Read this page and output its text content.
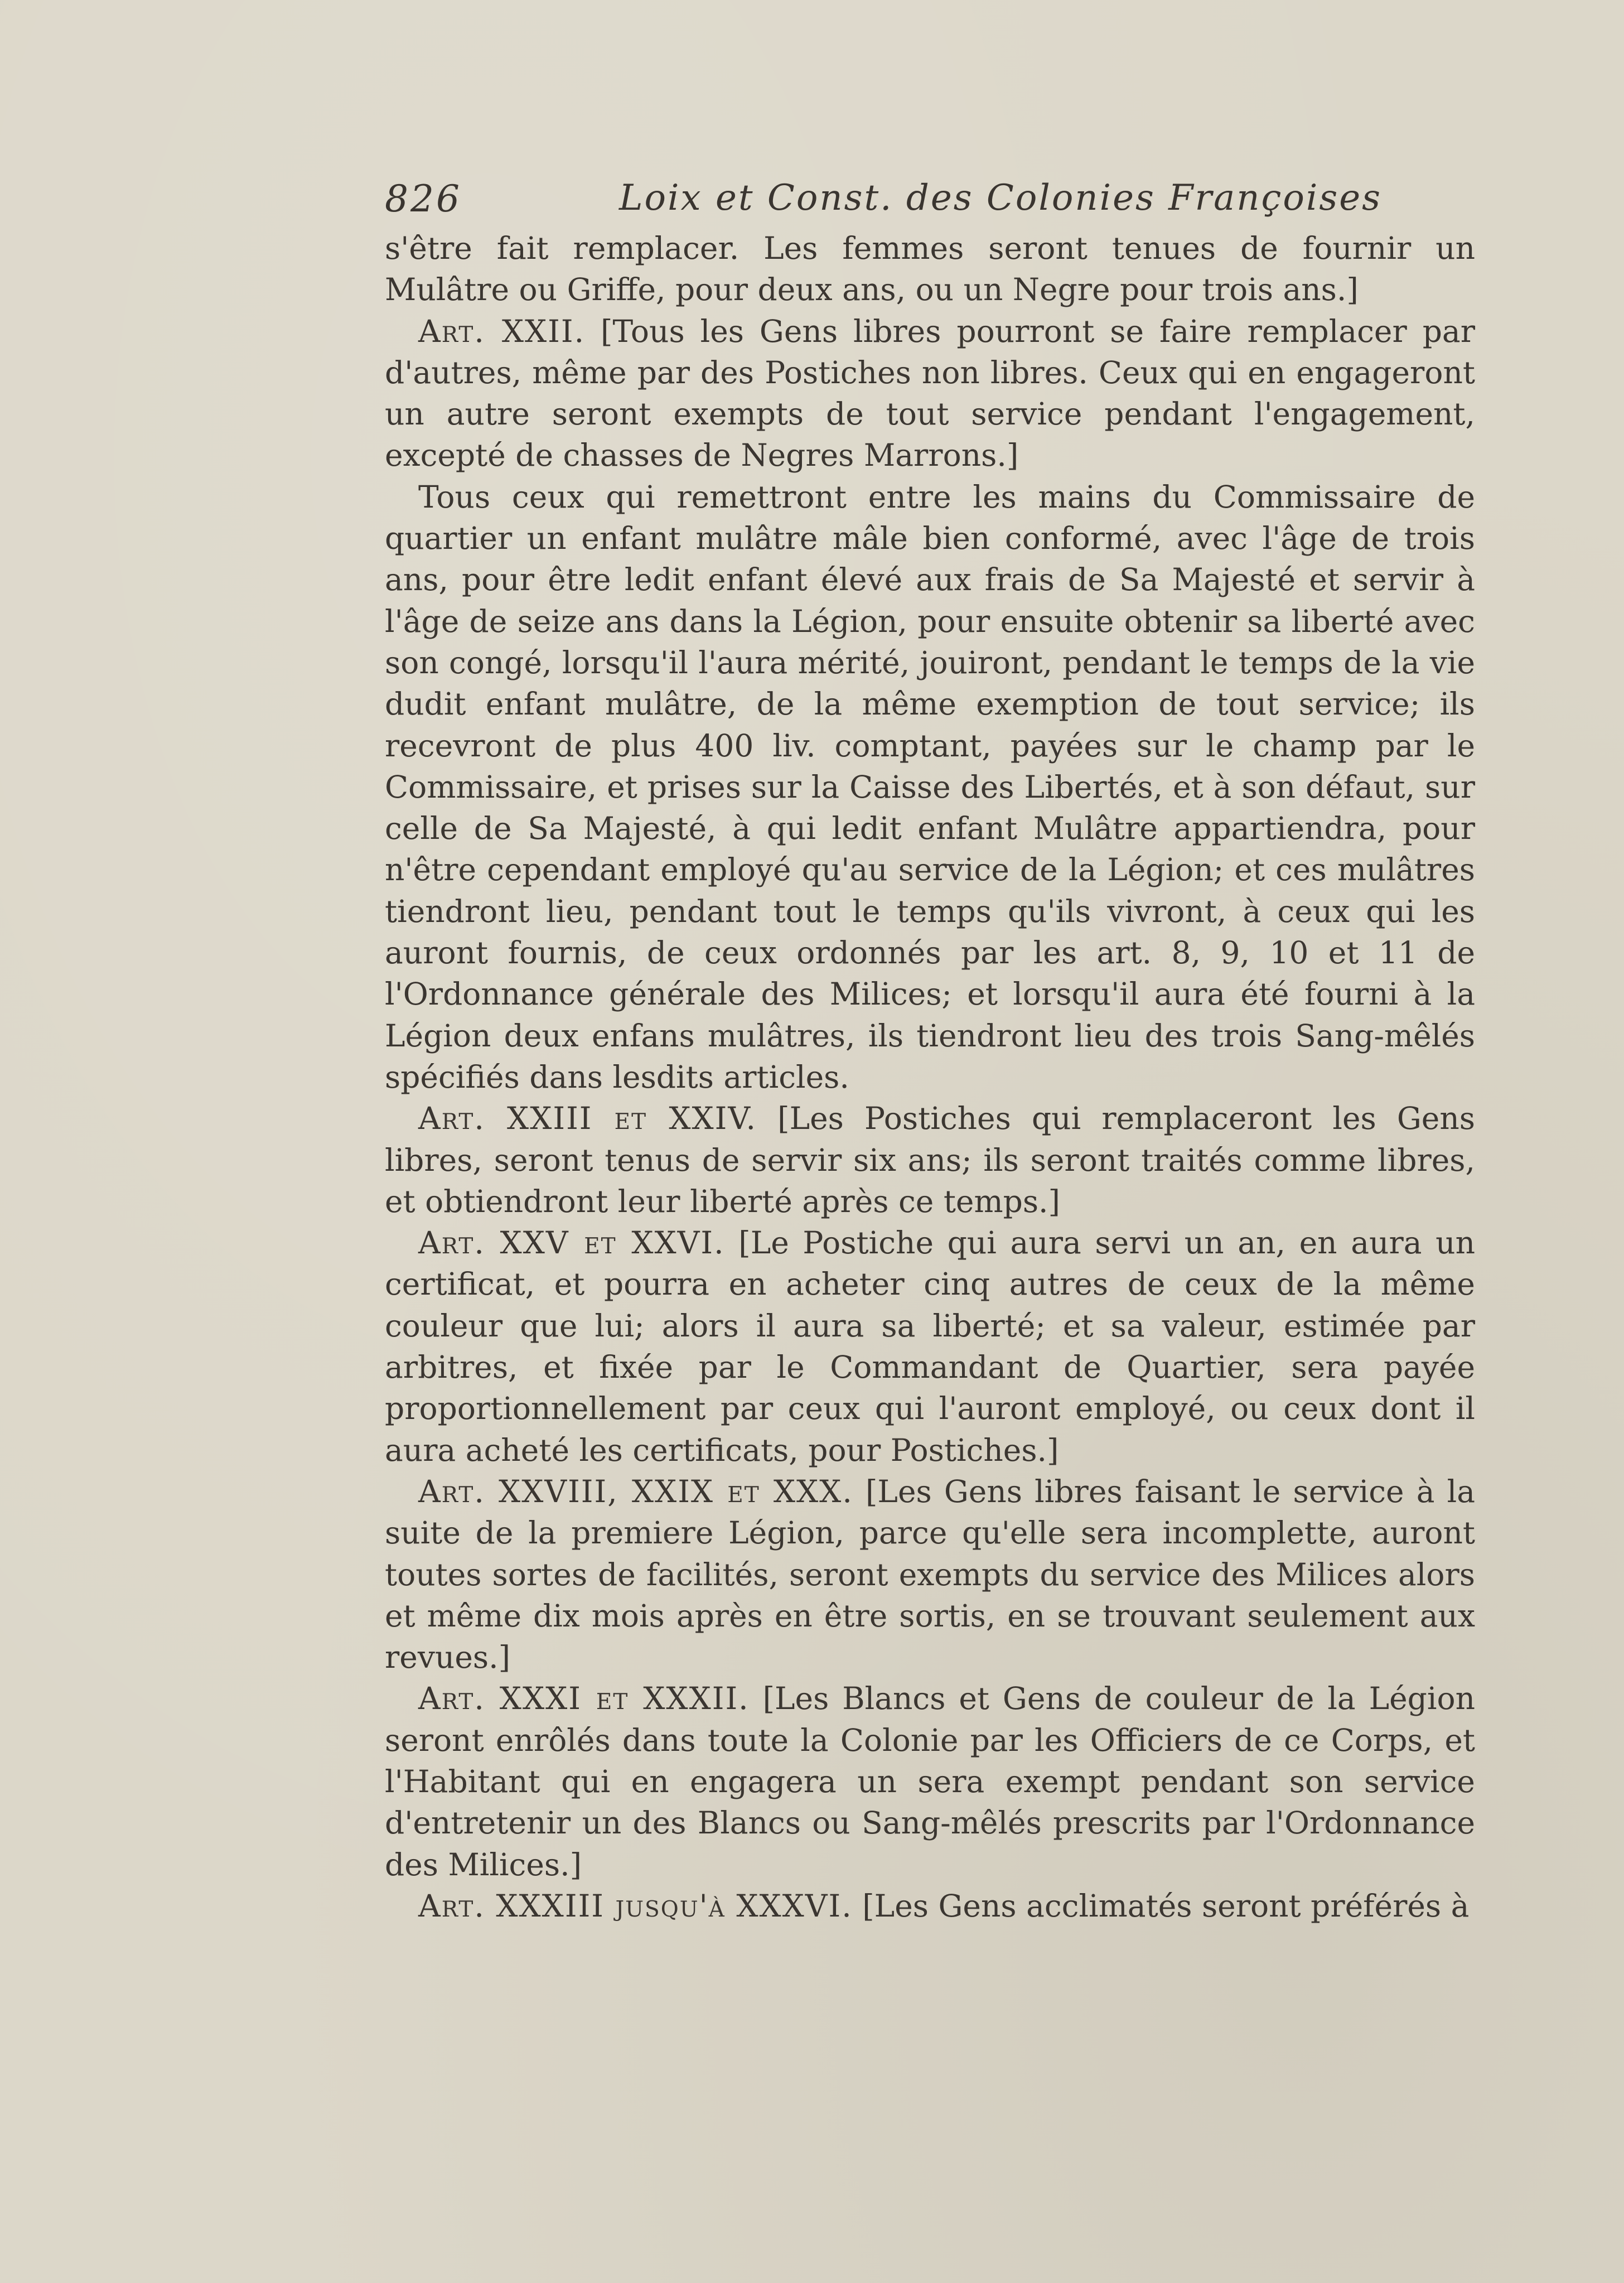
826	Loix et Const. des Colonies Françoises

s'être fait remplacer. Les femmes seront tenues de fournir un Mulâtre ou Griffe, pour deux ans, ou un Negre pour trois ans.]

Art. XXII. [Tous les Gens libres pourront se faire remplacer par d'autres, même par des Postiches non libres. Ceux qui en engageront un autre seront exempts de tout service pendant l'engagement, excepté de chasses de Negres Marrons.]

Tous ceux qui remettront entre les mains du Commissaire de quartier un enfant mulâtre mâle bien conformé, avec l'âge de trois ans, pour être ledit enfant élevé aux frais de Sa Majesté et servir à l'âge de seize ans dans la Légion, pour ensuite obtenir sa liberté avec son congé, lorsqu'il l'aura mérité, jouiront, pendant le temps de la vie dudit enfant mulâtre, de la même exemption de tout service; ils recevront de plus 400 liv. comptant, payées sur le champ par le Commissaire, et prises sur la Caisse des Libertés, et à son défaut, sur celle de Sa Majesté, à qui ledit enfant Mulâtre appartiendra, pour n'être cependant employé qu'au service de la Légion; et ces mulâtres tiendront lieu, pendant tout le temps qu'ils vivront, à ceux qui les auront fournis, de ceux ordonnés par les art. 8, 9, 10 et 11 de l'Ordonnance générale des Milices; et lorsqu'il aura été fourni à la Légion deux enfans mulâtres, ils tiendront lieu des trois Sang-mêlés spécifiés dans lesdits articles.

Art. XXIII et XXIV. [Les Postiches qui remplaceront les Gens libres, seront tenus de servir six ans; ils seront traités comme libres, et obtiendront leur liberté après ce temps.]

Art. XXV et XXVI. [Le Postiche qui aura servi un an, en aura un certificat, et pourra en acheter cinq autres de ceux de la même couleur que lui; alors il aura sa liberté; et sa valeur, estimée par arbitres, et fixée par le Commandant de Quartier, sera payée proportionnellement par ceux qui l'auront employé, ou ceux dont il aura acheté les certificats, pour Postiches.]

Art. XXVIII, XXIX et XXX. [Les Gens libres faisant le service à la suite de la premiere Légion, parce qu'elle sera incomplette, auront toutes sortes de facilités, seront exempts du service des Milices alors et même dix mois après en être sortis, en se trouvant seulement aux revues.]

Art. XXXI et XXXII. [Les Blancs et Gens de couleur de la Légion seront enrôlés dans toute la Colonie par les Officiers de ce Corps, et l'Habitant qui en engagera un sera exempt pendant son service d'entretenir un des Blancs ou Sang-mêlés prescrits par l'Ordonnance des Milices.]

Art. XXXIII jusqu'à XXXVI. [Les Gens acclimatés seront préférés à
